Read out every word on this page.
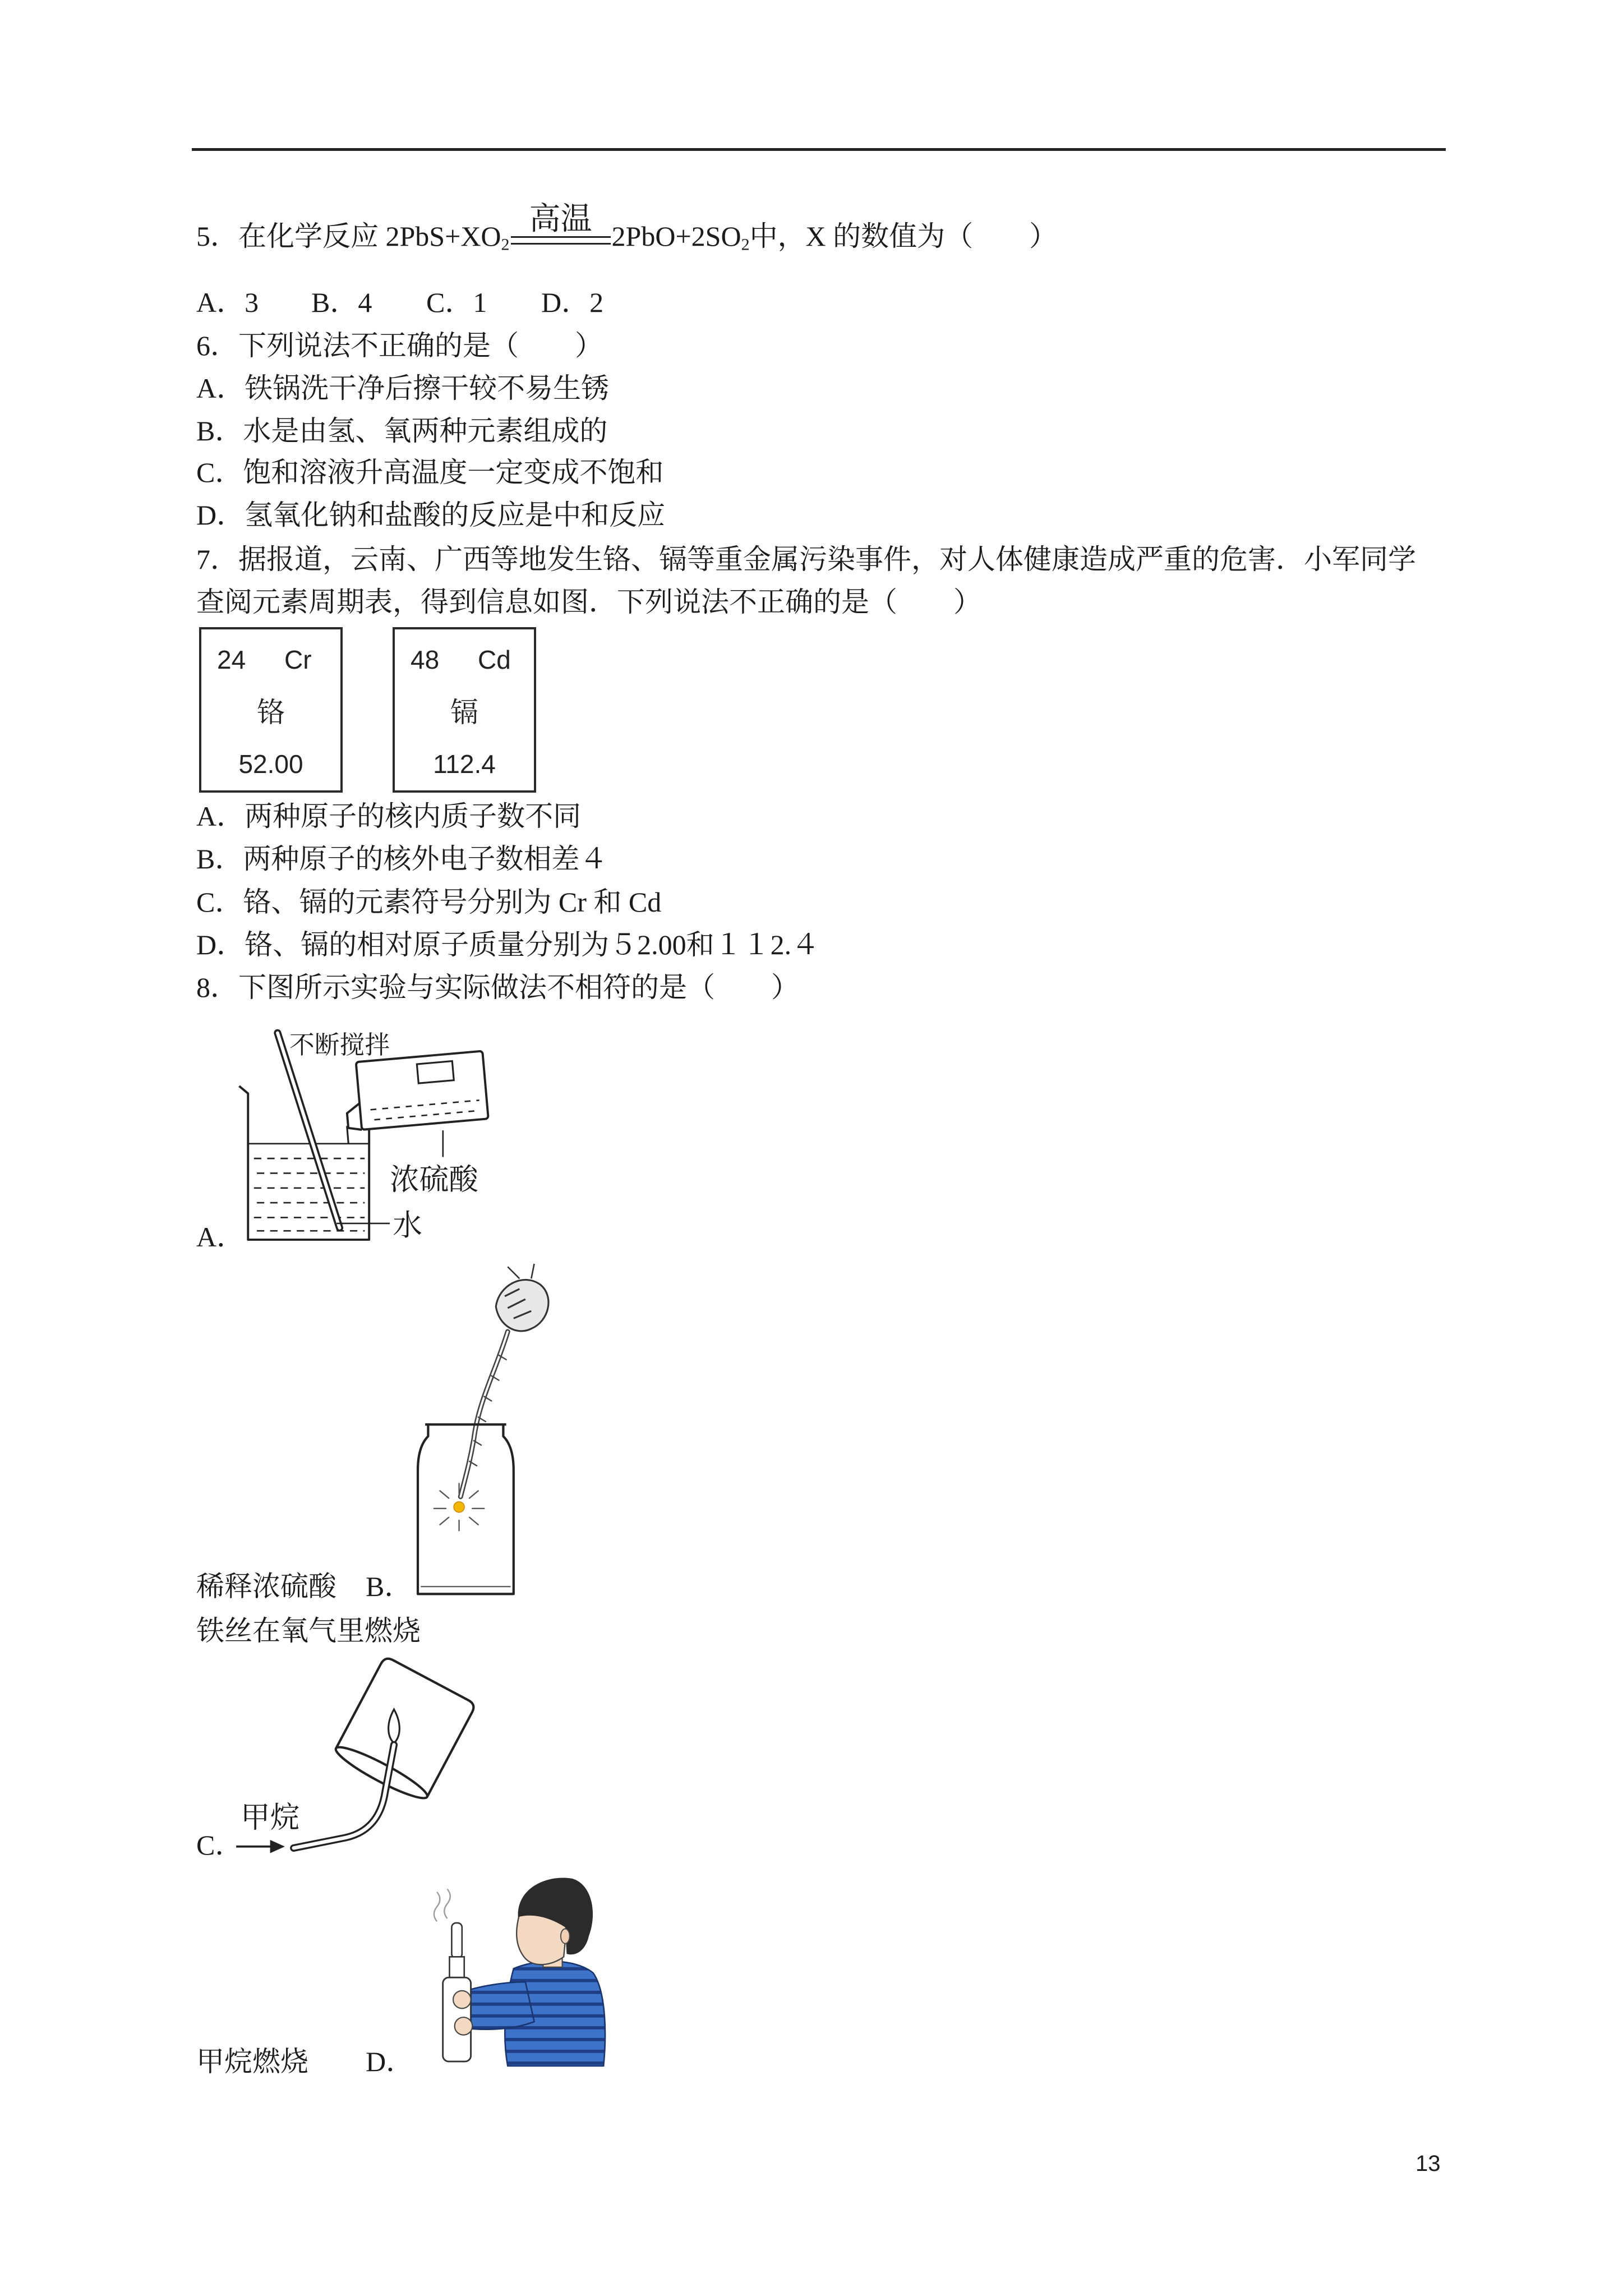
5．在化学反应 $2PbS+XO_2$
高温 $2PbO+2SO_2$中，X 的数值为（　　）
A．3 B．4 C．1 D．2
6．下列说法不正确的是（　　）
A．铁锅洗干净后擦干较不易生锈
B．水是由氢、氧两种元素组成的
C．饱和溶液升高温度一定变成不饱和
D．氢氧化钠和盐酸的反应是中和反应
7．据报道，云南、广西等地发生铬、镉等重金属污染事件，对人体健康造成严重的危害．小军同学
查阅元素周期表，得到信息如图．下列说法不正确的是（　　）
24 Cr
铬
52.00
48 Cd
镉
112.4
A．两种原子的核内质子数不同
B．两种原子的核外电子数相差４
C．铬、镉的元素符号分别为 Cr 和 Cd
D．铬、镉的相对原子质量分别为５2.00和１１2.４
8．下图所示实验与实际做法不相符的是（　　）
不断搅拌
浓硫酸
水
A．
稀释浓硫酸 B．
铁丝在氧气里燃烧
甲烷
C．
甲烷燃烧 D．
13
